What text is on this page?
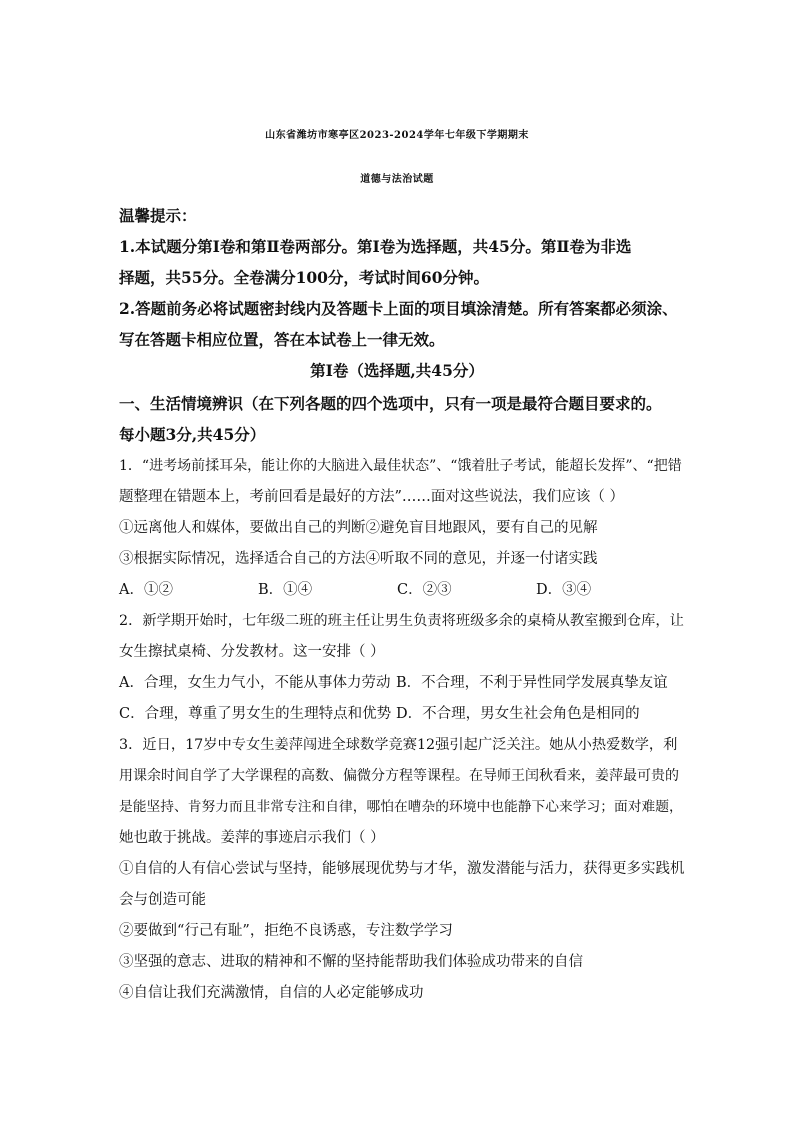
山东省潍坊市寒亭区2023-2024学年七年级下学期期末
道德与法治试题
温馨提示：
1.本试题分第Ⅰ卷和第Ⅱ卷两部分。第Ⅰ卷为选择题，共45分。第Ⅱ卷为非选
择题，共55分。全卷满分100分，考试时间60分钟。
2.答题前务必将试题密封线内及答题卡上面的项目填涂清楚。所有答案都必须涂、
写在答题卡相应位置，答在本试卷上一律无效。
第Ⅰ卷（选择题,共45分）
一、生活情境辨识（在下列各题的四个选项中，只有一项是最符合题目要求的。
每小题3分,共45分）
1．“进考场前揉耳朵，能让你的大脑进入最佳状态”、“饿着肚子考试，能超长发挥”、“把错
题整理在错题本上，考前回看是最好的方法”……面对这些说法，我们应该（ ）
①远离他人和媒体，要做出自己的判断②避免盲目地跟风，要有自己的见解
③根据实际情况，选择适合自己的方法④听取不同的意见，并逐一付诸实践
A．①②	B．①④	C．②③	D．③④
2．新学期开始时，七年级二班的班主任让男生负责将班级多余的桌椅从教室搬到仓库，让
女生擦拭桌椅、分发教材。这一安排（ ）
A．合理，女生力气小，不能从事体力劳动 B．不合理，不利于异性同学发展真挚友谊
C．合理，尊重了男女生的生理特点和优势 D．不合理，男女生社会角色是相同的
3．近日，17岁中专女生姜萍闯进全球数学竞赛12强引起广泛关注。她从小热爱数学，利
用课余时间自学了大学课程的高数、偏微分方程等课程。在导师王闰秋看来，姜萍最可贵的
是能坚持、肯努力而且非常专注和自律，哪怕在嘈杂的环境中也能静下心来学习；面对难题，
她也敢于挑战。姜萍的事迹启示我们（ ）
①自信的人有信心尝试与坚持，能够展现优势与才华，激发潜能与活力，获得更多实践机
会与创造可能
②要做到“行己有耻”，拒绝不良诱惑，专注数学学习
③坚强的意志、进取的精神和不懈的坚持能帮助我们体验成功带来的自信
④自信让我们充满激情，自信的人必定能够成功
